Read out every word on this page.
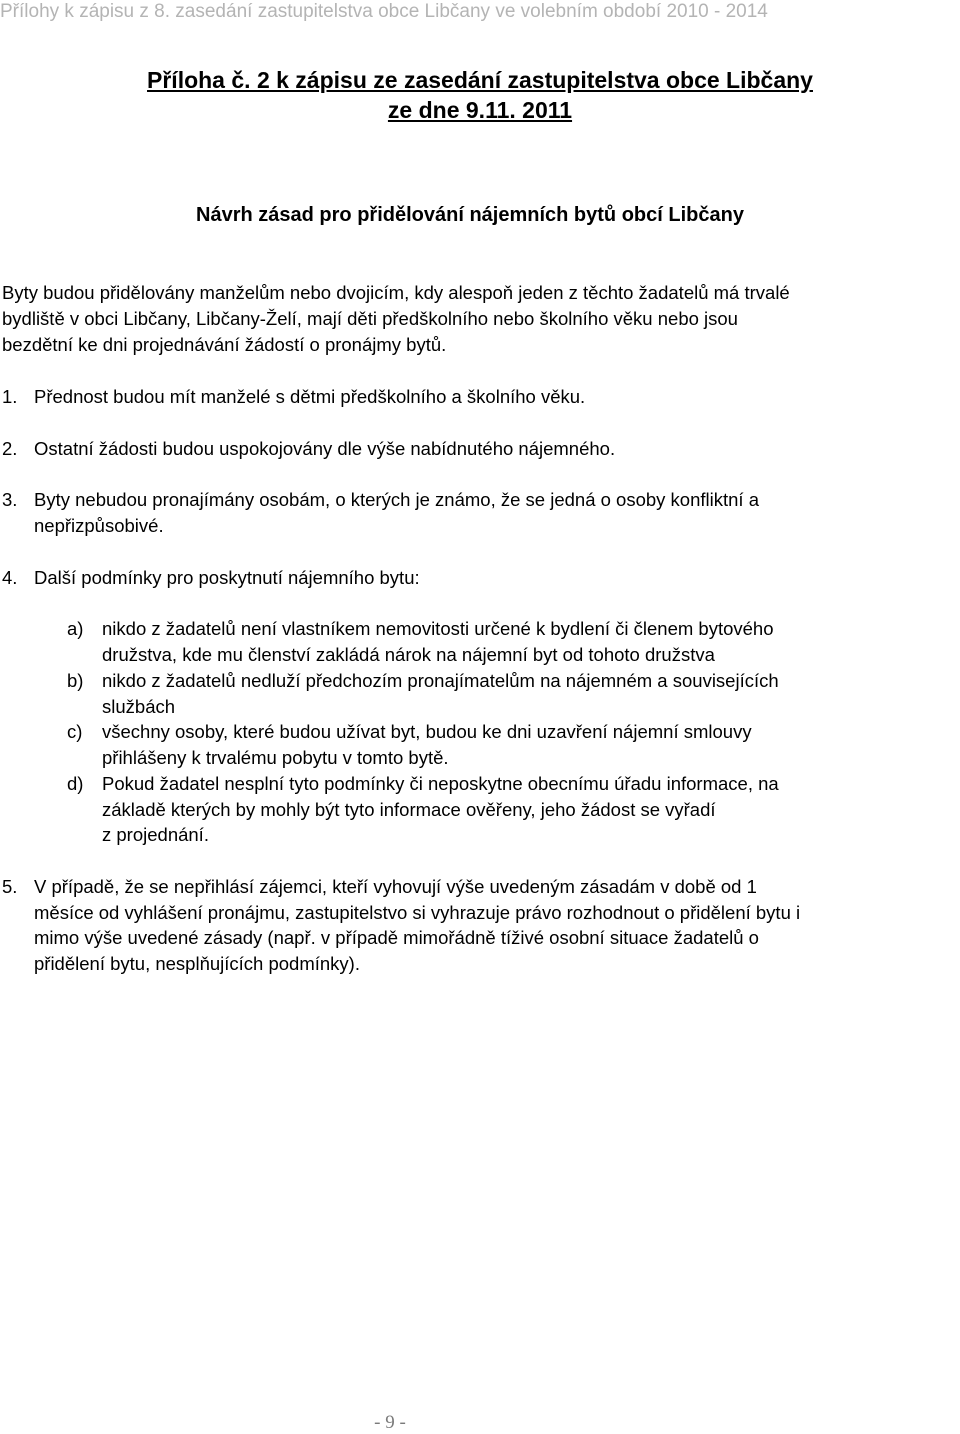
Přílohy k zápisu z 8. zasedání zastupitelstva obce Libčany ve volebním období 2010 - 2014
Příloha č. 2 k zápisu ze zasedání zastupitelstva obce Libčany
ze dne 9.11. 2011
Návrh zásad pro přidělování nájemních bytů obcí Libčany
Byty budou přidělovány manželům nebo dvojicím, kdy alespoň jeden z těchto žadatelů má trvalé
bydliště v obci Libčany, Libčany-Želí, mají děti předškolního nebo školního věku nebo jsou
bezdětní ke dni projednávání žádostí o pronájmy bytů.
1. Přednost budou mít manželé s dětmi předškolního a školního věku.
2. Ostatní žádosti budou uspokojovány dle výše nabídnutého nájemného.
3. Byty nebudou pronajímány osobám, o kterých je známo, že se jedná o osoby konfliktní a
nepřizpůsobivé.
4. Další podmínky pro poskytnutí nájemního bytu:
a) nikdo z žadatelů není vlastníkem nemovitosti určené k bydlení či členem bytového
družstva, kde mu členství zakládá nárok na nájemní byt od tohoto družstva
b) nikdo z žadatelů nedluží předchozím pronajímatelům na nájemném a souvisejících
službách
c) všechny osoby, které budou užívat byt, budou ke dni uzavření nájemní smlouvy
přihlášeny k trvalému pobytu v tomto bytě.
d) Pokud žadatel nesplní tyto podmínky či neposkytne obecnímu úřadu informace, na
základě kterých by mohly být tyto informace ověřeny, jeho žádost se vyřadí
z projednání.
5. V případě, že se nepřihlásí zájemci, kteří vyhovují výše uvedeným zásadám v době od 1
měsíce od vyhlášení pronájmu, zastupitelstvo si vyhrazuje právo rozhodnout o přidělení bytu i
mimo výše uvedené zásady (např. v případě mimořádně tíživé osobní situace žadatelů o
přidělení bytu, nesplňujících podmínky).
- 9 -
